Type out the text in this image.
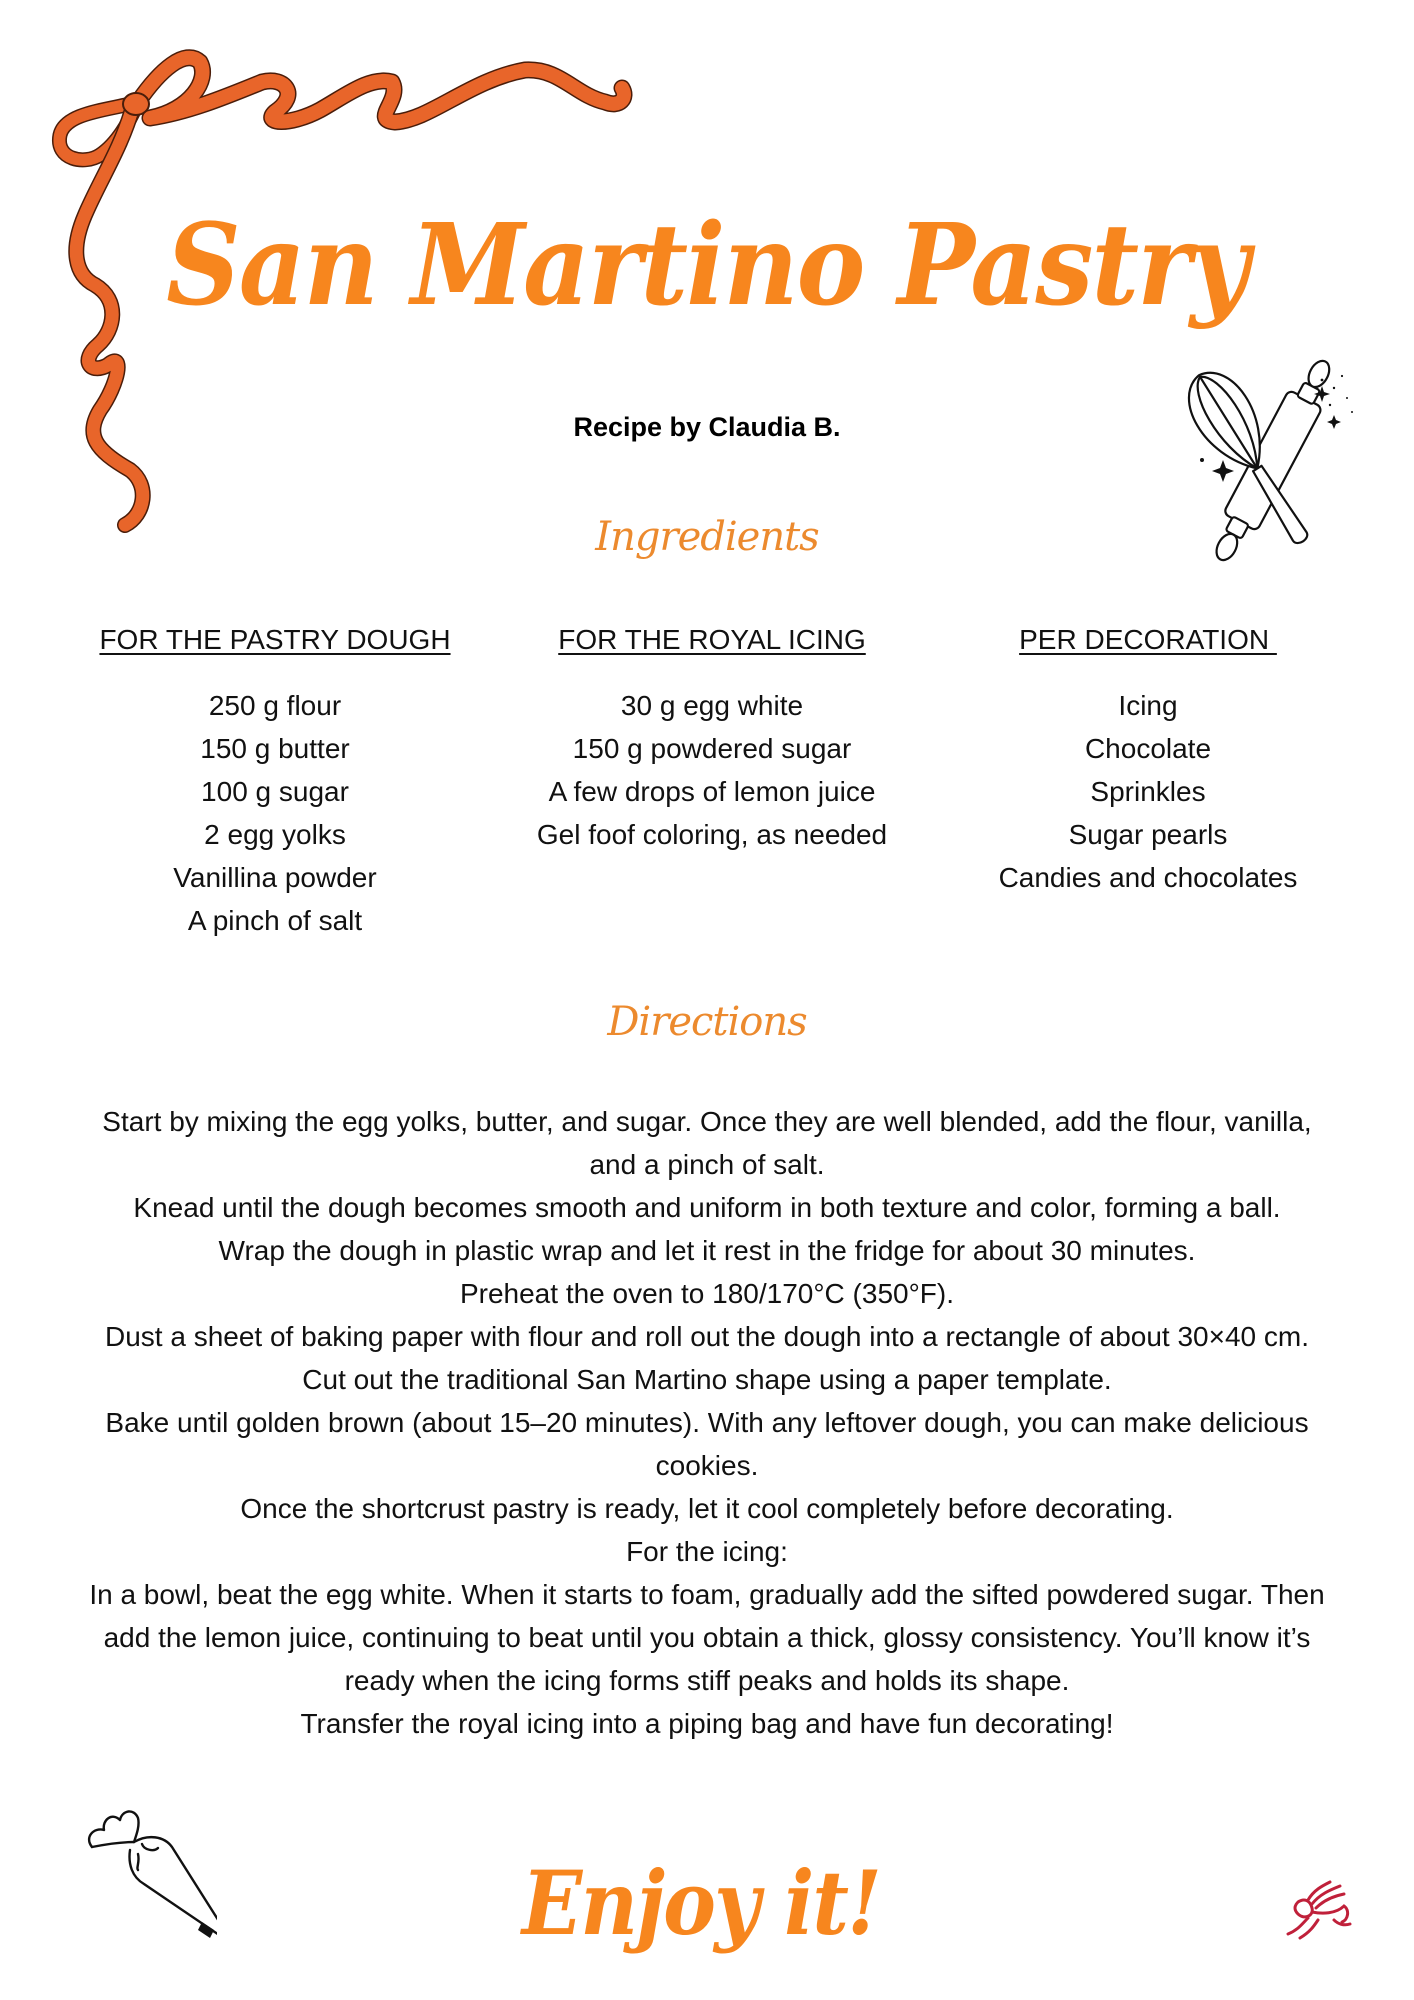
San Martino Pastry
Recipe by Claudia B.
Ingredients
FOR THE PASTRY DOUGH
250 g flour
150 g butter
100 g sugar
2 egg yolks
Vanillina powder
A pinch of salt
FOR THE ROYAL ICING
30 g egg white
150 g powdered sugar
A few drops of lemon juice
Gel foof coloring, as needed
PER DECORATION
Icing
Chocolate
Sprinkles
Sugar pearls
Candies and chocolates
Directions

Start by mixing the egg yolks, butter, and sugar. Once they are well blended, add the flour, vanilla, and a pinch of salt.

Knead until the dough becomes smooth and uniform in both texture and color, forming a ball.

Wrap the dough in plastic wrap and let it rest in the fridge for about 30 minutes.

Preheat the oven to 180/170°C (350°F).

Dust a sheet of baking paper with flour and roll out the dough into a rectangle of about 30×40 cm. Cut out the traditional San Martino shape using a paper template.

Bake until golden brown (about 15–20 minutes). With any leftover dough, you can make delicious cookies.

Once the shortcrust pastry is ready, let it cool completely before decorating.

For the icing:

In a bowl, beat the egg white. When it starts to foam, gradually add the sifted powdered sugar. Then add the lemon juice, continuing to beat until you obtain a thick, glossy consistency. You’ll know it’s ready when the icing forms stiff peaks and holds its shape.

Transfer the royal icing into a piping bag and have fun decorating!

Enjoy it!
